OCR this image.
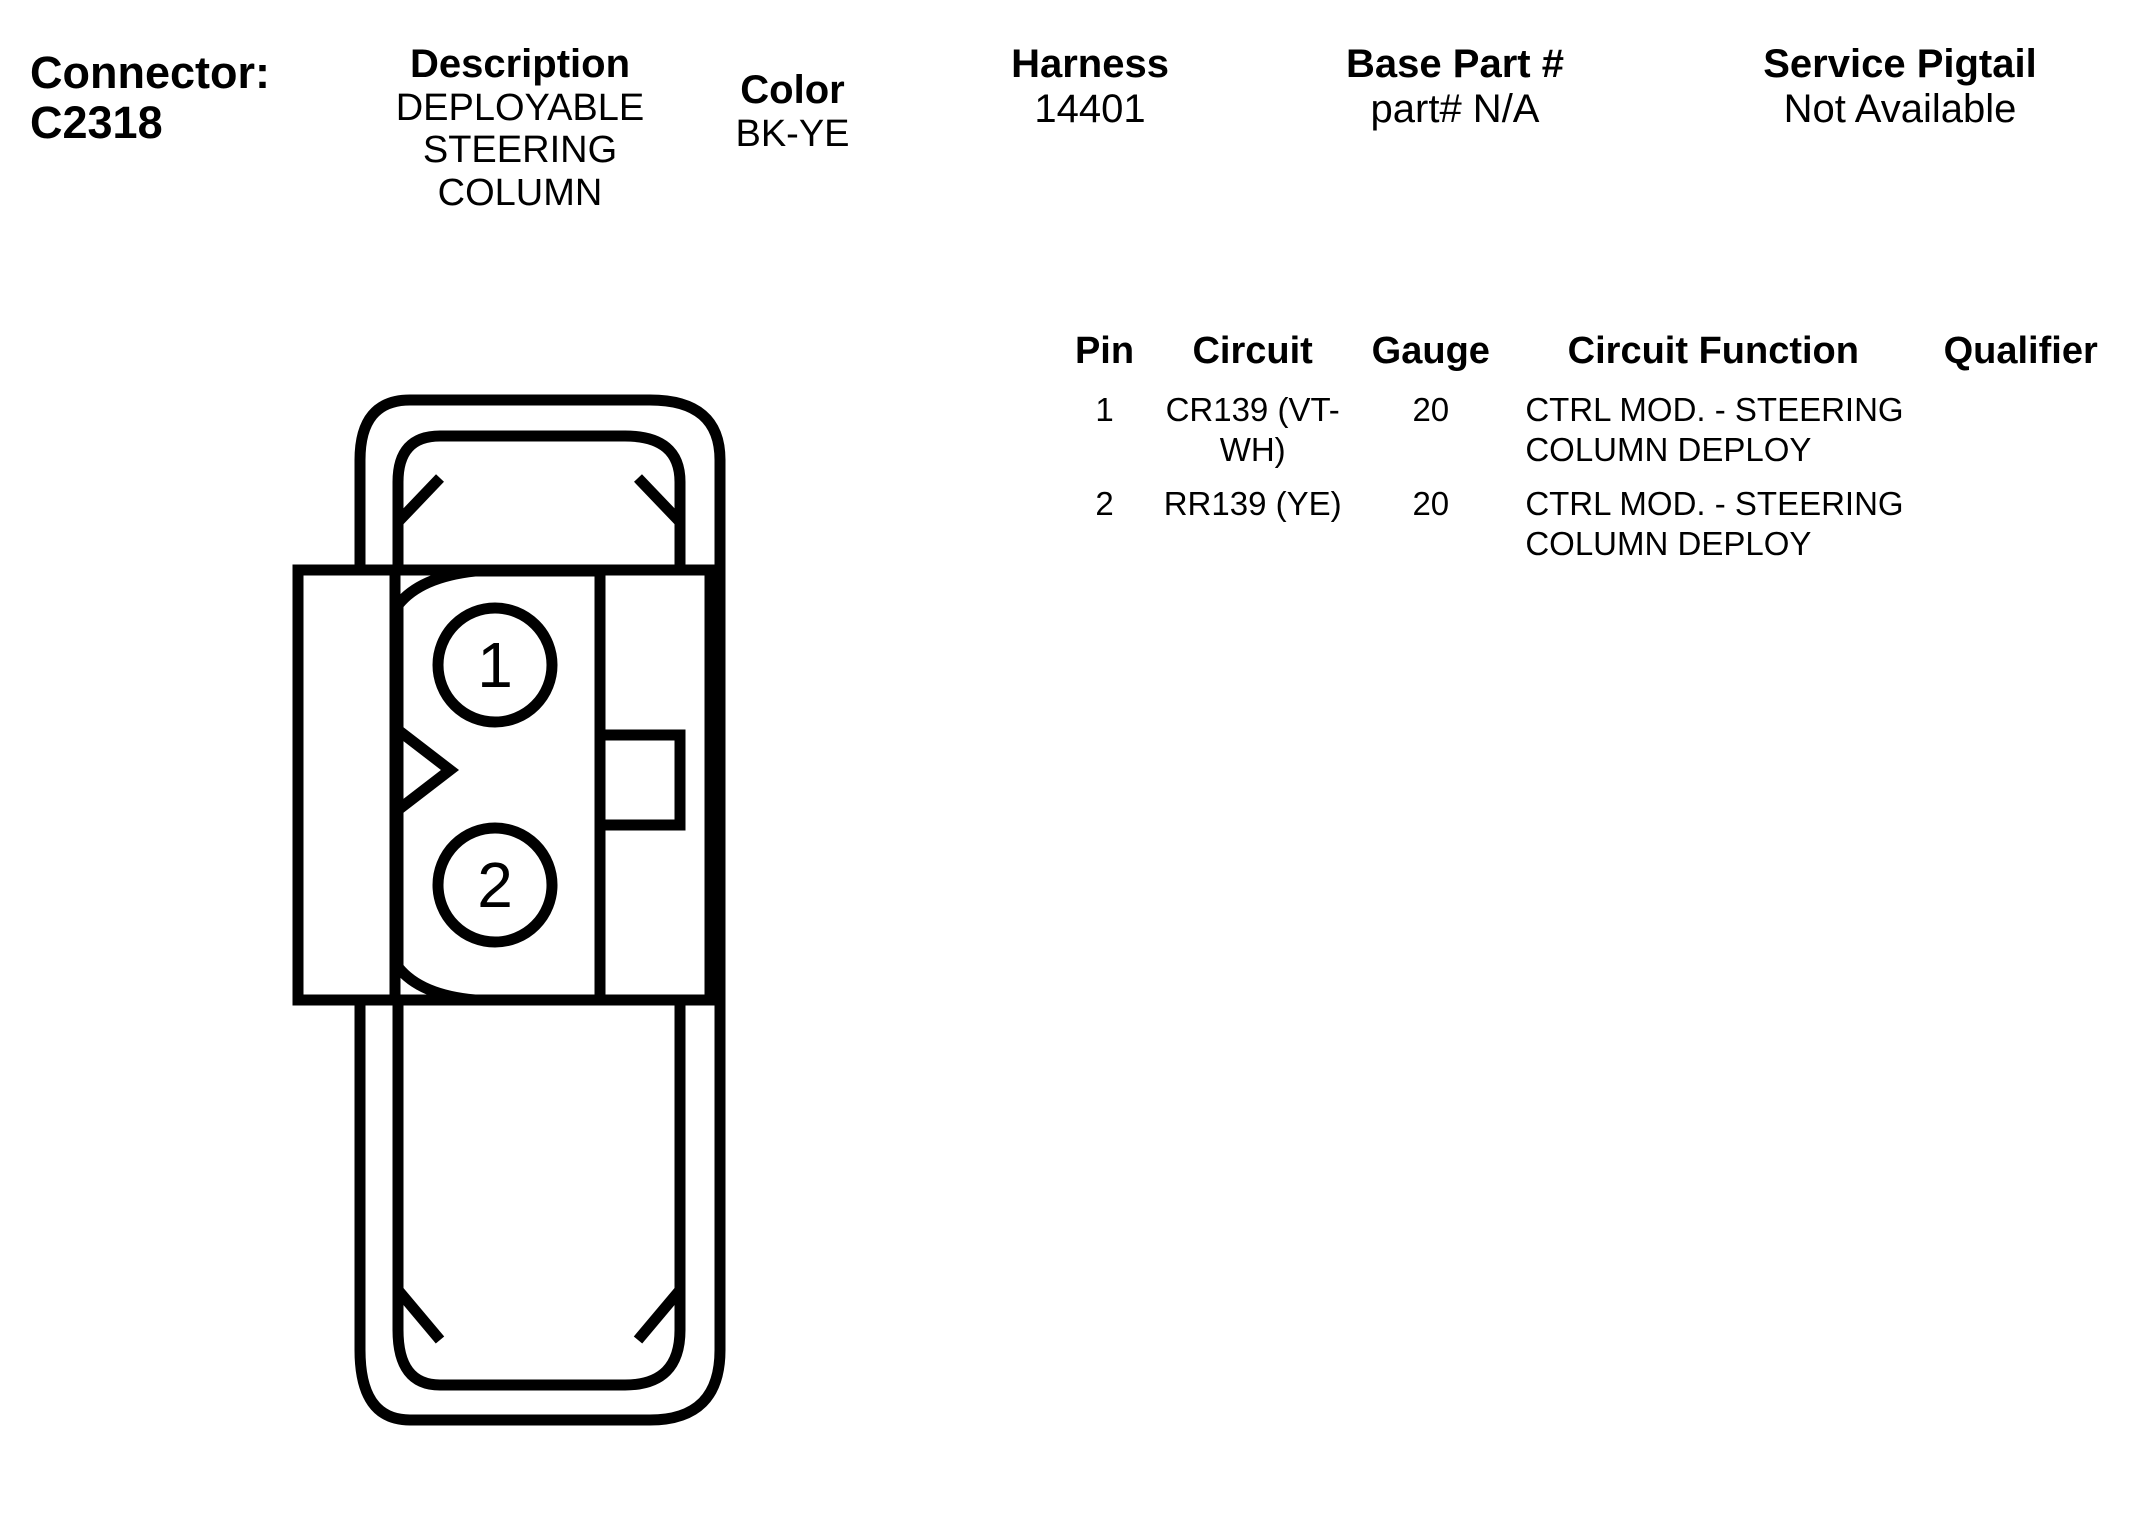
Connector:
C2318
Description
DEPLOYABLE STEERING COLUMN
Color
BK-YE
Harness
14401
Base Part #
part# N/A
Service Pigtail
Not Available
Pin	Circuit	Gauge	Circuit Function	Qualifier
1	CR139 (VT-WH)	20	CTRL MOD. - STEERING COLUMN DEPLOY	
2	RR139 (YE)	20	CTRL MOD. - STEERING COLUMN DEPLOY	
1
2
